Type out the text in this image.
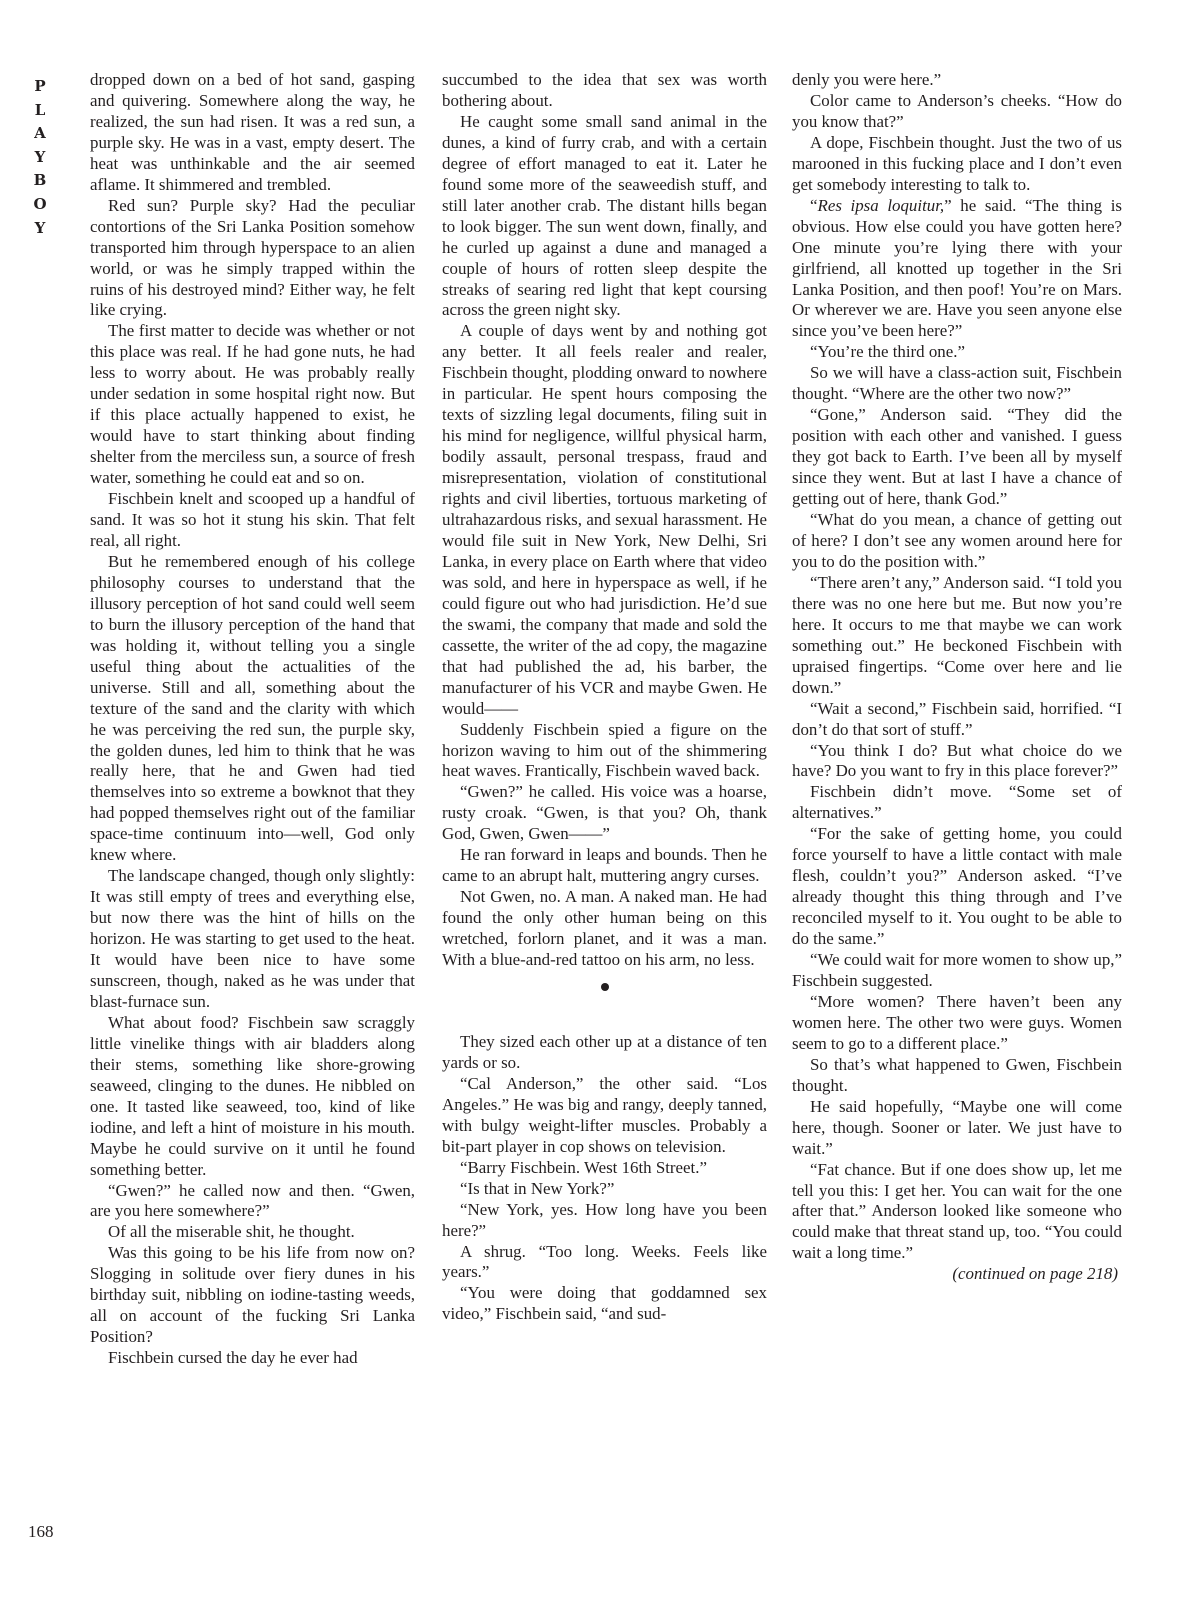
P
L
A
Y
B
O
Y

dropped down on a bed of hot sand, gasping and quivering. Somewhere along the way, he realized, the sun had risen. It was a red sun, a purple sky. He was in a vast, empty desert. The heat was unthinkable and the air seemed aflame. It shimmered and trembled.

Red sun? Purple sky? Had the peculiar contortions of the Sri Lanka Position somehow transported him through hyperspace to an alien world, or was he simply trapped within the ruins of his destroyed mind? Either way, he felt like crying.

The first matter to decide was whether or not this place was real. If he had gone nuts, he had less to worry about. He was probably really under sedation in some hospital right now. But if this place actually happened to exist, he would have to start thinking about finding shelter from the merciless sun, a source of fresh water, something he could eat and so on.

Fischbein knelt and scooped up a handful of sand. It was so hot it stung his skin. That felt real, all right.

But he remembered enough of his college philosophy courses to understand that the illusory perception of hot sand could well seem to burn the illusory perception of the hand that was holding it, without telling you a single useful thing about the actualities of the universe. Still and all, something about the texture of the sand and the clarity with which he was perceiving the red sun, the purple sky, the golden dunes, led him to think that he was really here, that he and Gwen had tied themselves into so extreme a bowknot that they had popped themselves right out of the familiar space-time continuum into—well, God only knew where.

The landscape changed, though only slightly: It was still empty of trees and everything else, but now there was the hint of hills on the horizon. He was starting to get used to the heat. It would have been nice to have some sunscreen, though, naked as he was under that blast-furnace sun.

What about food? Fischbein saw scraggly little vinelike things with air bladders along their stems, something like shore-growing seaweed, clinging to the dunes. He nibbled on one. It tasted like seaweed, too, kind of like iodine, and left a hint of moisture in his mouth. Maybe he could survive on it until he found something better.

“Gwen?” he called now and then. “Gwen, are you here somewhere?”

Of all the miserable shit, he thought.

Was this going to be his life from now on? Slogging in solitude over fiery dunes in his birthday suit, nibbling on iodine-tasting weeds, all on account of the fucking Sri Lanka Position?

Fischbein cursed the day he ever had

succumbed to the idea that sex was worth bothering about.

He caught some small sand animal in the dunes, a kind of furry crab, and with a certain degree of effort managed to eat it. Later he found some more of the seaweedish stuff, and still later another crab. The distant hills began to look bigger. The sun went down, finally, and he curled up against a dune and managed a couple of hours of rotten sleep despite the streaks of searing red light that kept coursing across the green night sky.

A couple of days went by and nothing got any better. It all feels realer and realer, Fischbein thought, plodding onward to nowhere in particular. He spent hours composing the texts of sizzling legal documents, filing suit in his mind for negligence, willful physical harm, bodily assault, personal trespass, fraud and misrepresentation, violation of constitutional rights and civil liberties, tortuous marketing of ultrahazardous risks, and sexual harassment. He would file suit in New York, New Delhi, Sri Lanka, in every place on Earth where that video was sold, and here in hyperspace as well, if he could figure out who had jurisdiction. He’d sue the swami, the company that made and sold the cassette, the writer of the ad copy, the magazine that had published the ad, his barber, the manufacturer of his VCR and maybe Gwen. He would——

Suddenly Fischbein spied a figure on the horizon waving to him out of the shimmering heat waves. Frantically, Fischbein waved back.

“Gwen?” he called. His voice was a hoarse, rusty croak. “Gwen, is that you? Oh, thank God, Gwen, Gwen——”

He ran forward in leaps and bounds. Then he came to an abrupt halt, muttering angry curses.

Not Gwen, no. A man. A naked man. He had found the only other human being on this wretched, forlorn planet, and it was a man. With a blue-and-red tattoo on his arm, no less.

They sized each other up at a distance of ten yards or so.

“Cal Anderson,” the other said. “Los Angeles.” He was big and rangy, deeply tanned, with bulgy weight-lifter muscles. Probably a bit-part player in cop shows on television.

“Barry Fischbein. West 16th Street.”

“Is that in New York?”

“New York, yes. How long have you been here?”

A shrug. “Too long. Weeks. Feels like years.”

“You were doing that goddamned sex video,” Fischbein said, “and sud-

denly you were here.”

Color came to Anderson’s cheeks. “How do you know that?”

A dope, Fischbein thought. Just the two of us marooned in this fucking place and I don’t even get somebody interesting to talk to.

“Res ipsa loquitur,” he said. “The thing is obvious. How else could you have gotten here? One minute you’re lying there with your girlfriend, all knotted up together in the Sri Lanka Position, and then poof! You’re on Mars. Or wherever we are. Have you seen anyone else since you’ve been here?”

“You’re the third one.”

So we will have a class-action suit, Fischbein thought. “Where are the other two now?”

“Gone,” Anderson said. “They did the position with each other and vanished. I guess they got back to Earth. I’ve been all by myself since they went. But at last I have a chance of getting out of here, thank God.”

“What do you mean, a chance of getting out of here? I don’t see any women around here for you to do the position with.”

“There aren’t any,” Anderson said. “I told you there was no one here but me. But now you’re here. It occurs to me that maybe we can work something out.” He beckoned Fischbein with upraised fingertips. “Come over here and lie down.”

“Wait a second,” Fischbein said, horrified. “I don’t do that sort of stuff.”

“You think I do? But what choice do we have? Do you want to fry in this place forever?”

Fischbein didn’t move. “Some set of alternatives.”

“For the sake of getting home, you could force yourself to have a little contact with male flesh, couldn’t you?” Anderson asked. “I’ve already thought this thing through and I’ve reconciled myself to it. You ought to be able to do the same.”

“We could wait for more women to show up,” Fischbein suggested.

“More women? There haven’t been any women here. The other two were guys. Women seem to go to a different place.”

So that’s what happened to Gwen, Fischbein thought.

He said hopefully, “Maybe one will come here, though. Sooner or later. We just have to wait.”

“Fat chance. But if one does show up, let me tell you this: I get her. You can wait for the one after that.” Anderson looked like someone who could make that threat stand up, too. “You could wait a long time.”

(continued on page 218)

168
